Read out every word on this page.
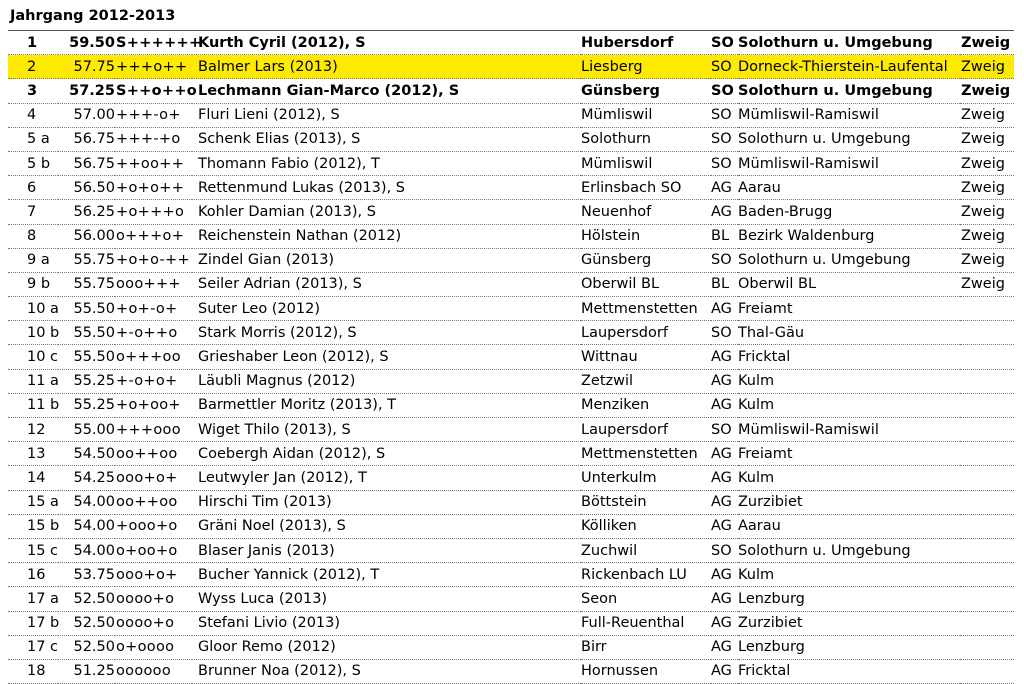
Jahrgang 2012-2013
1	59.50	S++++++	Kurth Cyril (2012), S	Hubersdorf	SO	Solothurn u. Umgebung	Zweig
2	57.75	+++o++	Balmer Lars (2013)	Liesberg	SO	Dorneck-Thierstein-Laufental	Zweig
3	57.25	S++o++o	Lechmann Gian-Marco (2012), S	Günsberg	SO	Solothurn u. Umgebung	Zweig
4	57.00	+++-o+	Fluri Lieni (2012), S	Mümliswil	SO	Mümliswil-Ramiswil	Zweig
5 a	56.75	+++-+o	Schenk Elias (2013), S	Solothurn	SO	Solothurn u. Umgebung	Zweig
5 b	56.75	++oo++	Thomann Fabio (2012), T	Mümliswil	SO	Mümliswil-Ramiswil	Zweig
6	56.50	+o+o++	Rettenmund Lukas (2013), S	Erlinsbach SO	AG	Aarau	Zweig
7	56.25	+o+++o	Kohler Damian (2013), S	Neuenhof	AG	Baden-Brugg	Zweig
8	56.00	o+++o+	Reichenstein Nathan (2012)	Hölstein	BL	Bezirk Waldenburg	Zweig
9 a	55.75	+o+o-++	Zindel Gian (2013)	Günsberg	SO	Solothurn u. Umgebung	Zweig
9 b	55.75	ooo+++	Seiler Adrian (2013), S	Oberwil BL	BL	Oberwil BL	Zweig
10 a	55.50	+o+-o+	Suter Leo (2012)	Mettmenstetten	AG	Freiamt	
10 b	55.50	+-o++o	Stark Morris (2012), S	Laupersdorf	SO	Thal-Gäu	
10 c	55.50	o+++oo	Grieshaber Leon (2012), S	Wittnau	AG	Fricktal	
11 a	55.25	+-o+o+	Läubli Magnus (2012)	Zetzwil	AG	Kulm	
11 b	55.25	+o+oo+	Barmettler Moritz (2013), T	Menziken	AG	Kulm	
12	55.00	+++ooo	Wiget Thilo (2013), S	Laupersdorf	SO	Mümliswil-Ramiswil	
13	54.50	oo++oo	Coebergh Aidan (2012), S	Mettmenstetten	AG	Freiamt	
14	54.25	ooo+o+	Leutwyler Jan (2012), T	Unterkulm	AG	Kulm	
15 a	54.00	oo++oo	Hirschi Tim (2013)	Böttstein	AG	Zurzibiet	
15 b	54.00	+ooo+o	Gräni Noel (2013), S	Kölliken	AG	Aarau	
15 c	54.00	o+oo+o	Blaser Janis (2013)	Zuchwil	SO	Solothurn u. Umgebung	
16	53.75	ooo+o+	Bucher Yannick (2012), T	Rickenbach LU	AG	Kulm	
17 a	52.50	oooo+o	Wyss Luca (2013)	Seon	AG	Lenzburg	
17 b	52.50	oooo+o	Stefani Livio (2013)	Full-Reuenthal	AG	Zurzibiet	
17 c	52.50	o+oooo	Gloor Remo (2012)	Birr	AG	Lenzburg	
18	51.25	oooooo	Brunner Noa (2012), S	Hornussen	AG	Fricktal	
